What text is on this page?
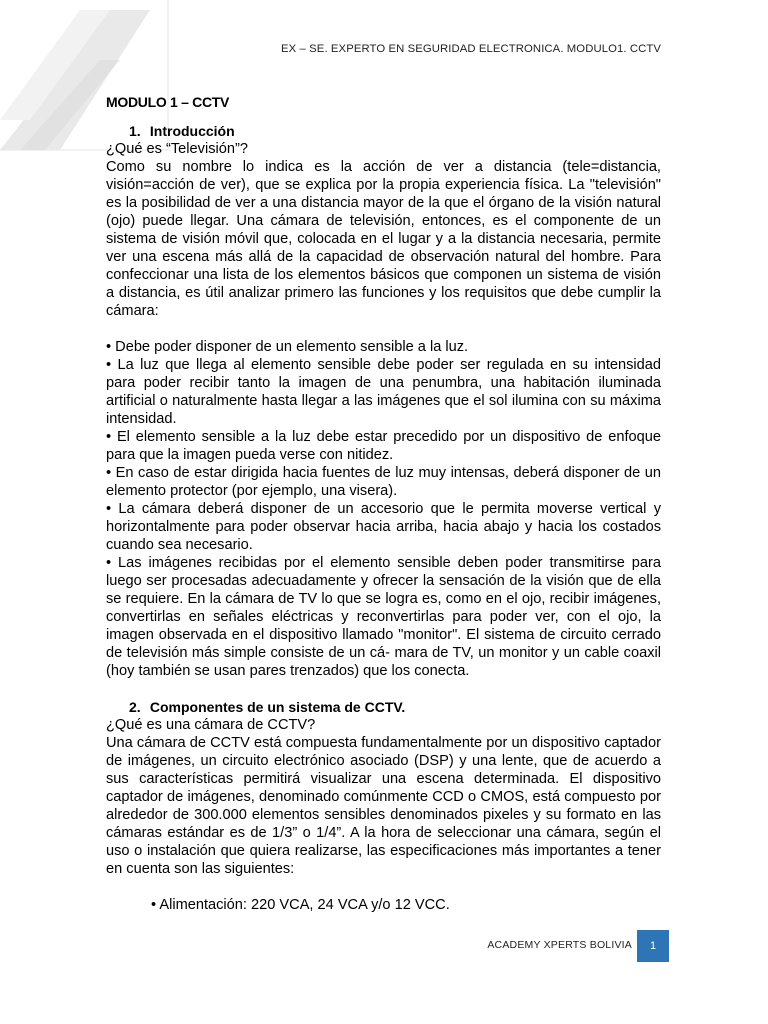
EX – SE. EXPERTO EN SEGURIDAD ELECTRONICA. MODULO1. CCTV
MODULO 1 – CCTV
1. Introducción

¿Qué es “Televisión”?

Como su nombre lo indica es la acción de ver a distancia (tele=distancia, visión=acción de ver), que se explica por la propia experiencia física. La "televisión" es la posibilidad de ver a una distancia mayor de la que el órgano de la visión natural (ojo) puede llegar. Una cámara de televisión, entonces, es el componente de un sistema de visión móvil que, colocada en el lugar y a la distancia necesaria, permite ver una escena más allá de la capacidad de observación natural del hombre. Para confeccionar una lista de los elementos básicos que componen un sistema de visión a distancia, es útil analizar primero las funciones y los requisitos que debe cumplir la cámara:

• Debe poder disponer de un elemento sensible a la luz.

• La luz que llega al elemento sensible debe poder ser regulada en su intensidad para poder recibir tanto la imagen de una penumbra, una habitación iluminada artificial o naturalmente hasta llegar a las imágenes que el sol ilumina con su máxima intensidad.

• El elemento sensible a la luz debe estar precedido por un dispositivo de enfoque para que la imagen pueda verse con nitidez.

• En caso de estar dirigida hacia fuentes de luz muy intensas, deberá disponer de un elemento protector (por ejemplo, una visera).

• La cámara deberá disponer de un accesorio que le permita moverse vertical y horizontalmente para poder observar hacia arriba, hacia abajo y hacia los costados cuando sea necesario.

• Las imágenes recibidas por el elemento sensible deben poder transmitirse para luego ser procesadas adecuadamente y ofrecer la sensación de la visión que de ella se requiere. En la cámara de TV lo que se logra es, como en el ojo, recibir imágenes, convertirlas en señales eléctricas y reconvertirlas para poder ver, con el ojo, la imagen observada en el dispositivo llamado "monitor". El sistema de circuito cerrado de televisión más simple consiste de un cá- mara de TV, un monitor y un cable coaxil (hoy también se usan pares trenzados) que los conecta.

2. Componentes de un sistema de CCTV.

¿Qué es una cámara de CCTV?

Una cámara de CCTV está compuesta fundamentalmente por un dispositivo captador de imágenes, un circuito electrónico asociado (DSP) y una lente, que de acuerdo a sus características permitirá visualizar una escena determinada. El dispositivo captador de imágenes, denominado comúnmente CCD o CMOS, está compuesto por alrededor de 300.000 elementos sensibles denominados pixeles y su formato en las cámaras estándar es de 1/3” o 1/4”. A la hora de seleccionar una cámara, según el uso o instalación que quiera realizarse, las especificaciones más importantes a tener en cuenta son las siguientes:

• Alimentación: 220 VCA, 24 VCA y/o 12 VCC.

ACADEMY XPERTS BOLIVIA	1
